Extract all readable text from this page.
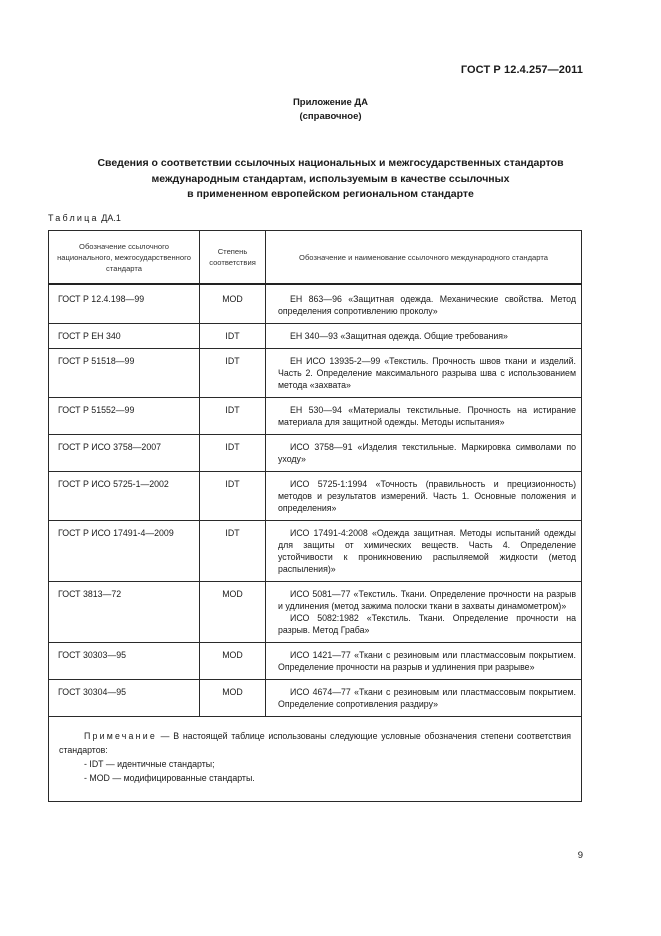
ГОСТ Р 12.4.257—2011
Приложение ДА
(справочное)
Сведения о соответствии ссылочных национальных и межгосударственных стандартов
международным стандартам, используемым в качестве ссылочных
в примененном европейском региональном стандарте
Таблица ДА.1
Обозначение ссылочного национального, межгосударственного стандарта	Степень соответствия	Обозначение и наименование ссылочного международного стандарта
ГОСТ Р 12.4.198—99	MOD	ЕН 863—96 «Защитная одежда. Механические свойства. Метод определения сопротивлению проколу»

ГОСТ Р ЕН 340	IDT	ЕН 340—93 «Защитная одежда. Общие требования»

ГОСТ Р 51518—99	IDT	ЕН ИСО 13935-2—99 «Текстиль. Прочность швов ткани и изделий. Часть 2. Определение максимального разрыва шва с использованием метода «захвата»

ГОСТ Р 51552—99	IDT	ЕН 530—94 «Материалы текстильные. Прочность на истирание материала для защитной одежды. Методы испытания»

ГОСТ Р ИСО 3758—2007	IDT	ИСО 3758—91 «Изделия текстильные. Маркировка символами по уходу»

ГОСТ Р ИСО 5725-1—2002	IDT	ИСО 5725-1:1994 «Точность (правильность и прецизионность) методов и результатов измерений. Часть 1. Основные положения и определения»

ГОСТ Р ИСО 17491-4—2009	IDT	ИСО 17491-4:2008 «Одежда защитная. Методы испытаний одежды для защиты от химических веществ. Часть 4. Определение устойчивости к проникновению распыляемой жидкости (метод распыления)»

ГОСТ 3813—72	MOD	ИСО 5081—77 «Текстиль. Ткани. Определение прочности на разрыв и удлинения (метод зажима полоски ткани в захваты динамометром)»
ИСО 5082:1982 «Текстиль. Ткани. Определение прочности на разрыв. Метод Граба»

ГОСТ 30303—95	MOD	ИСО 1421—77 «Ткани с резиновым или пластмассовым покрытием. Определение прочности на разрыв и удлинения при разрыве»

ГОСТ 30304—95	MOD	ИСО 4674—77 «Ткани с резиновым или пластмассовым покрытием. Определение сопротивления раздиру»

Примечание — В настоящей таблице использованы следующие условные обозначения степени соответствия стандартов:
- IDT — идентичные стандарты;
- MOD — модифицированные стандарты.		
9
